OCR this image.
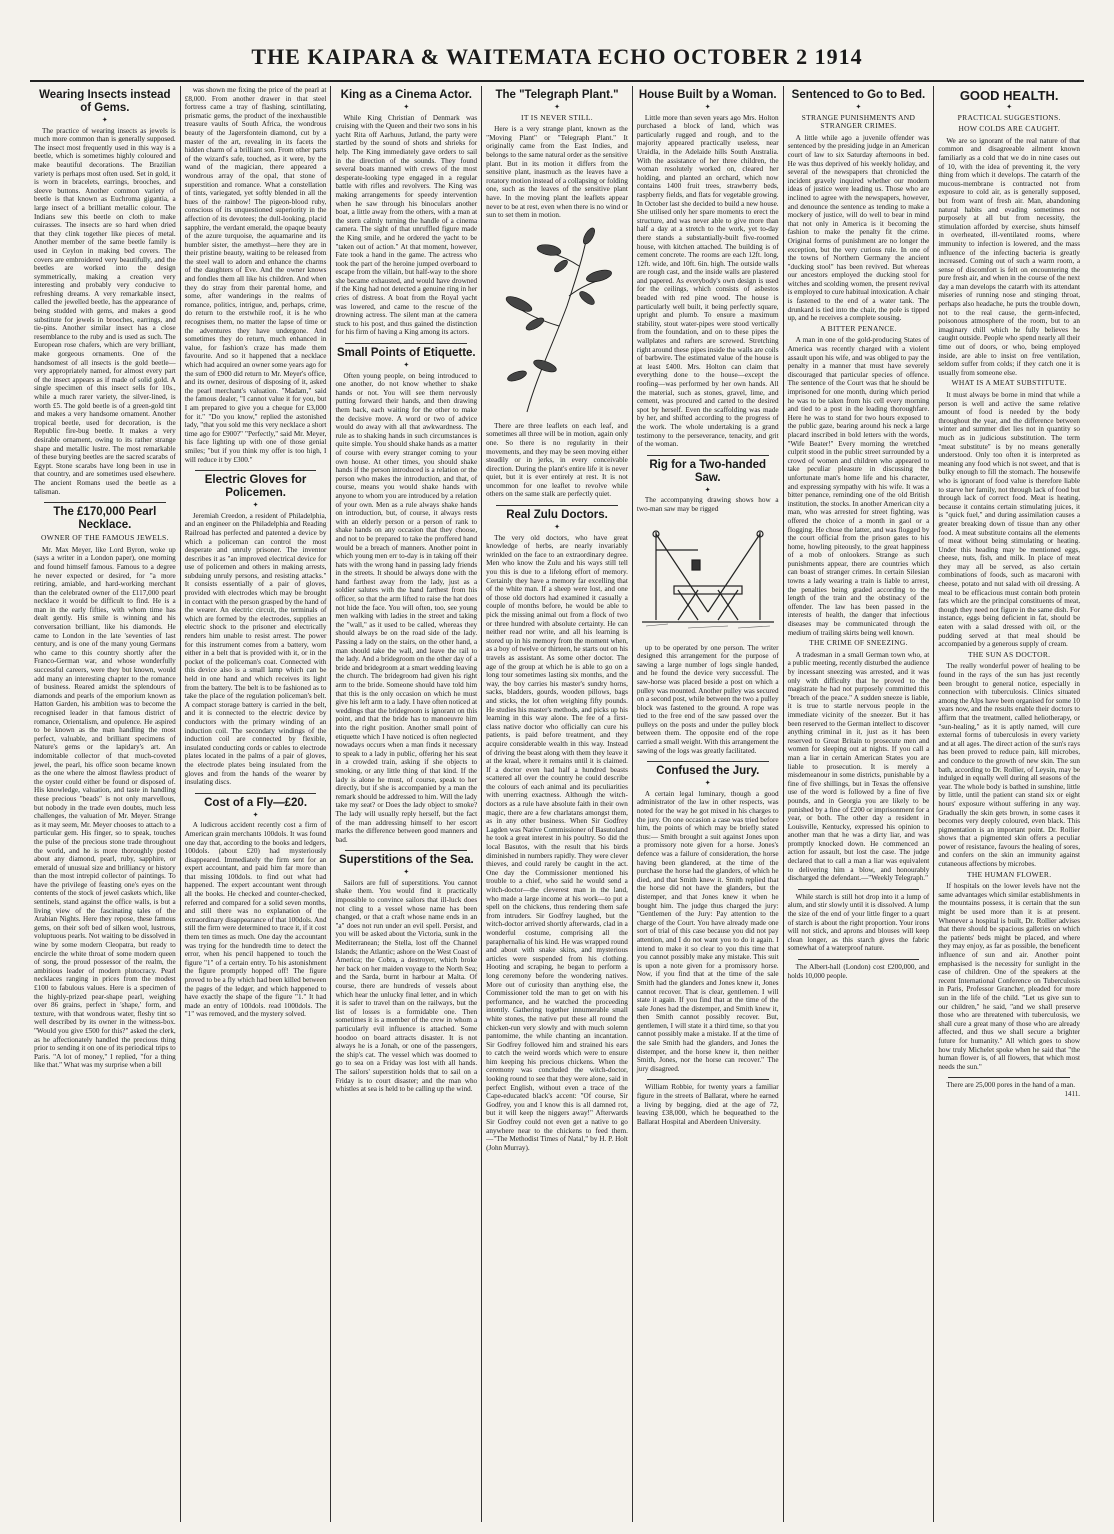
THE KAIPARA & WAITEMATA ECHO OCTOBER 2 1914
Wearing Insects instead of Gems.
✦

The practice of wearing insects as jewels is much more common than is generally supposed. The insect most frequently used in this way is a beetle, which is sometimes highly coloured and make beautiful decorations. The Brazilian variety is perhaps most often used. Set in gold, it is worn in bracelets, earrings, brooches, and sleeve buttons. Another common variety of beetle is that known as Euchroma gigantia, a large insect of a brilliant metallic colour. The Indians sew this beetle on cloth to make cuirasses. The insects are so hard when dried that they clink together like pieces of metal. Another member of the same beetle family is used in Ceylon in making bed covers. The covers are embroidered very beautifully, and the beetles are worked into the design symmetrically, making a creation very interesting and probably very conducive to refreshing dreams. A very remarkable insect, called the jewelled beetle, has the appearance of being studded with gems, and makes a good substitute for jewels in brooches, earrings, and tie-pins. Another similar insect has a close resemblance to the ruby and is used as such. The European rose chafers, which are very brilliant, make gorgeous ornaments. One of the handsomest of all insects is the gold beetle—very appropriately named, for almost every part of the insect appears as if made of solid gold. A single specimen of this insect sells for 10s., while a much rarer variety, the silver-lined, is worth £5. The gold beetle is of a green-gold tint and makes a very handsome ornament. Another tropical beetle, used for decoration, is the Republic fire-bug beetle. It makes a very desirable ornament, owing to its rather strange shape and metallic lustre. The most remarkable of these burying beetles are the sacred scarabs of Egypt. Stone scarabs have long been in use in that country, and are sometimes used elsewhere. The ancient Romans used the beetle as a talisman.

The £170,000 Pearl Necklace.
OWNER OF THE FAMOUS JEWELS.

Mr. Max Meyer, like Lord Byron, woke up (says a writer in a London paper), one morning and found himself famous. Famous to a degree he never expected or desired, for "a more retiring, amiable, and hard-working merchant than the celebrated owner of the £117,000 pearl necklace it would be difficult to find. He is a man in the early fifties, with whom time has dealt gently. His smile is winning and his conversation brilliant, like his diamonds. He came to London in the late 'seventies of last century, and is one of the many young Germans who came to this country shortly after the Franco-German war, and whose wonderfully successful careers, were they but known, would add many an interesting chapter to the romance of business. Reared amidst the splendours of diamonds and pearls of the emporium known as Hatton Garden, his ambition was to become the recognised leader in that famous district of romance, Orientalism, and opulence. He aspired to be known as the man handling the most perfect, valuable, and brilliant specimens of Nature's gems or the lapidary's art. An indomitable collector of that much-coveted jewel, the pearl, his office soon became known as the one where the almost flawless product of the oyster could either be found or disposed of. His knowledge, valuation, and taste in handling these precious "beads" is not only marvellous, but nobody in the trade even doubts, much less challenges, the valuation of Mr. Meyer. Strange as it may seem, Mr. Meyer chooses to attach to a particular gem. His finger, so to speak, touches the pulse of the precious stone trade throughout the world, and he is more thoroughly posted about any diamond, pearl, ruby, sapphire, or emerald of unusual size and brilliancy or history than the most intrepid collector of paintings. To have the privilege of feasting one's eyes on the contents of the stock of jewel caskets which, like sentinels, stand against the office walls, is but a living view of the fascinating tales of the Arabian Nights. Here they repose, these famous gems, on their soft bed of silken wool, lustrous, voluptuous pearls. Not waiting to be dissolved in wine by some modern Cleopatra, but ready to encircle the white throat of some modern queen of song, the proud possessor of the realm, the ambitious leader of modern plutocracy. Pearl necklaces ranging in prices from the modest £100 to fabulous values. Here is a specimen of the highly-prized pear-shape pearl, weighing over 86 grains, perfect in 'shape,' form, and texture, with that wondrous water, fleshy tint so well described by its owner in the witness-box. "Would you give £500 for this?" asked the clerk, as he affectionately handled the precious thing prior to sending it on one of its periodical trips to Paris. "A lot of money," I replied, "for a thing like that." What was my surprise when a bill

was shown me fixing the price of the pearl at £8,000. From another drawer in that steel fortress came a tray of flashing, scintillating, prismatic gems, the product of the inexhaustible treasure vaults of South Africa, the wondrous beauty of the Jagersfontein diamond, cut by a master of the art, revealing in its facets the hidden charm of a brilliant son. From other parts of the wizard's safe, touched, as it were, by the wand of the magician, there appeared a wondrous array of the opal, that stone of superstition and romance. What a constellation of tints, variegated, yet softly blended in all the hues of the rainbow! The pigeon-blood ruby, conscious of its unquestioned superiority in the affection of its devotees; the dull-looking, placid sapphire, the verdant emerald, the opaque beauty of the azure turquoise, the aquamarine and its humbler sister, the amethyst—here they are in their pristine beauty, waiting to be released from the steel wall to adorn and enhance the charms of the daughters of Eve. And the owner knows and fondles them all like his children. And when they do stray from their parental home, and some, after wanderings in the realms of romance, politics, intrigue, and, perhaps, crime, do return to the erstwhile roof, it is he who recognises them, no matter the lapse of time or the adventures they have undergone. And sometimes they do return, much enhanced in value, for fashion's craze has made them favourite. And so it happened that a necklace which had acquired an owner some years ago for the sum of £900 did return to Mr. Meyer's office, and its owner, desirous of disposing of it, asked the pearl merchant's valuation. "Madam," said the famous dealer, "I cannot value it for you, but I am prepared to give you a cheque for £3,000 for it." "Do you know," replied the astonished lady, "that you sold me this very necklace a short time ago for £900?" "Perfectly," said Mr. Meyer, his face lighting up with one of those genial smiles; "but if you think my offer is too high, I will reduce it by £300."

Electric Gloves for Policemen.
✦

Jeremiah Creedon, a resident of Philadelphia, and an engineer on the Philadelphia and Reading Railroad has perfected and patented a device by which a policeman can control the most desperate and unruly prisoner. The inventor describes it as "an improved electrical device for use of policemen and others in making arrests, subduing unruly persons, and resisting attacks." It consists essentially of a pair of gloves, provided with electrodes which may be brought in contact with the person grasped by the hand of the wearer. An electric circuit, the terminals of which are formed by the electrodes, supplies an electric shock to the prisoner and electrically renders him unable to resist arrest. The power for this instrument comes from a battery, worn either in a belt that is provided with it, or in the pocket of the policeman's coat. Connected with this device also is a small lamp which can be held in one hand and which receives its light from the battery. The belt is to be fashioned as to take the place of the regulation policeman's belt. A compact storage battery is carried in the belt, and it is connected to the electric device by conductors with the primary winding of an induction coil. The secondary windings of the induction coil are connected by flexible, insulated conducting cords or cables to electrode plates located in the palms of a pair of gloves, the electrode plates being insulated from the gloves and from the hands of the wearer by insulating discs.

Cost of a Fly—£20.
✦

A ludicrous accident recently cost a firm of American grain merchants 100dols. It was found one day that, according to the books and ledgers, 100dols. (about £20) had mysteriously disappeared. Immediately the firm sent for an expert accountant, and paid him far more than that missing 100dols. to find out what had happened. The expert accountant went through all the books. He checked and counter-checked, referred and compared for a solid seven months, and still there was no explanation of the extraordinary disappearance of that 100dols. And still the firm were determined to trace it, if it cost them ten times as much. One day the accountant was trying for the hundredth time to detect the error, when his pencil happened to touch the figure "1" of a certain entry. To his astonishment the figure promptly hopped off! The figure proved to be a fly which had been killed between the pages of the ledger, and which happened to have exactly the shape of the figure "1." It had made an entry of 100dols. read 1000dols. The "1" was removed, and the mystery solved.

King as a Cinema Actor.
✦

While King Christian of Denmark was cruising with the Queen and their two sons in his yacht Rita off Aarhuus, Jutland, the party were startled by the sound of shots and shrieks for help. The King immediately gave orders to sail in the direction of the sounds. They found several boats manned with crews of the most desperate-looking type engaged in a regular battle with rifles and revolvers. The King was making arrangements for speedy intervention when he saw through his binoculars another boat, a little away from the others, with a man at the stern calmly turning the handle of a cinema camera. The sight of that unruffled figure made the King smile, and he ordered the yacht to be "taken out of action." At that moment, however, Fate took a hand in the game. The actress who took the part of the heroine jumped overboard to escape from the villain, but half-way to the shore she became exhausted, and would have drowned if the King had not detected a genuine ring in her cries of distress. A boat from the Royal yacht was lowered, and came to the rescue of the drowning actress. The silent man at the camera stuck to his post, and thus gained the distinction for his firm of having a King among its actors.

Small Points of Etiquette.
✦

Often young people, on being introduced to one another, do not know whether to shake hands or not. You will see them nervously putting forward their hands, and then drawing them back, each waiting for the other to make the decisive move. A word or two of advice would do away with all that awkwardness. The rule as to shaking hands in such circumstances is quite simple. You should shake hands as a matter of course with every stranger coming to your own house. At other times, you should shake hands if the person introduced is a relation or the person who makes the introduction, and that, of course, means you would shake hands with anyone to whom you are introduced by a relation of your own. Men as a rule always shake hands on introduction, but, of course, it always rests with an elderly person or a person of rank to shake hands on any occasion that they choose, and not to be prepared to take the proffered hand would be a breach of manners. Another point in which young men err to-day is in taking off their hats with the wrong hand in passing lady friends in the streets. It should be always done with the hand farthest away from the lady, just as a soldier salutes with the hand farthest from his officer, so that the arm lifted to raise the hat does not hide the face. You will often, too, see young men walking with ladies in the street and taking the "wall," as it used to be called, whereas they should always be on the road side of the lady. Passing a lady on the stairs, on the other hand, a man should take the wall, and leave the rail to the lady. And a bridegroom on the other day of a bride and bridegroom at a smart wedding leaving the church. The bridegroom had given his right arm to the bride. Someone should have told him that this is the only occasion on which he must give his left arm to a lady. I have often noticed at weddings that the bridegroom is ignorant on this point, and that the bride has to manoeuvre him into the right position. Another small point of etiquette which I have noticed is often neglected nowadays occurs when a man finds it necessary to speak to a lady in public, offering her his seat in a crowded train, asking if she objects to smoking, or any little thing of that kind. If the lady is alone he must, of course, speak to her directly, but if she is accompanied by a man the remark should be addressed to him. Will the lady take my seat? or Does the lady object to smoke? The lady will usually reply herself, but the fact of the man addressing himself to her escort marks the difference between good manners and bad.

Superstitions of the Sea.
✦

Sailors are full of superstitions. You cannot shake them. You would find it practically impossible to convince sailors that ill-luck does not cling to a vessel whose name has been changed, or that a craft whose name ends in an "a" does not run under an evil spell. Persist, and you will be asked about the Victoria, sunk in the Mediterranean; the Stella, lost off the Channel Islands; the Atlantic; ashore on the West Coast of America; the Cobra, a destroyer, which broke her back on her maiden voyage to the North Sea; and the Sarda, burnt in harbour at Malta. Of course, there are hundreds of vessels about which hear the unlucky final letter, and in which it is safer to travel than on the railways, but the list of losses is a formidable one. Then sometimes it is a member of the crew in whom a particularly evil influence is attached. Some hoodoo on board attracts disaster. It is not always he is a Jonah, or one of the passengers, the ship's cat. The vessel which was doomed to go to sea on a Friday was lost with all hands. The sailors' superstition holds that to sail on a Friday is to court disaster; and the man who whistles at sea is held to be calling up the wind.

The "Telegraph Plant."
✦
IT IS NEVER STILL.

Here is a very strange plant, known as the "Moving Plant" or "Telegraph Plant." It originally came from the East Indies, and belongs to the same natural order as the sensitive plant. But in its motion it differs from the sensitive plant, inasmuch as the leaves have a rotatory motion instead of a collapsing or folding one, such as the leaves of the sensitive plant have. In the moving plant the leaflets appear never to be at rest, even when there is no wind or sun to set them in motion.

There are three leaflets on each leaf, and sometimes all three will be in motion, again only one. So there is no regularity in their movements, and they may be seen moving either steadily or in jerks, in every conceivable direction. During the plant's entire life it is never quiet, but it is ever entirely at rest. It is not uncommon for one leaflet to revolve while others on the same stalk are perfectly quiet.

Real Zulu Doctors.
✦

The very old doctors, who have great knowledge of herbs, are nearly invariably wrinkled on the face to an extraordinary degree. Men who know the Zulu and his ways still tell you this is due to a lifelong effort of memory. Certainly they have a memory far excelling that of the white man. If a sheep were lost, and one of those old doctors had examined it casually a couple of months before, he would be able to pick the missing animal out from a flock of two or three hundred with absolute certainty. He can neither read nor write, and all his learning is stored up in his memory from the moment when, as a boy of twelve or thirteen, he starts out on his travels as assistant. As some other doctor. The age of the group at which he is able to go on a long tour sometimes lasting six months, and the way, the boy carries his master's sundry horns, sacks, bladders, gourds, wooden pillows, bags and sticks, the lot often weighing fifty pounds. He studies his master's methods, and picks up his learning in this way alone. The fee of a first-class native doctor who officially can cure his patients, is paid before treatment, and they acquire considerable wealth in this way. Instead of driving the beast along with them they leave it at the kraal, where it remains until it is claimed. If a doctor even had half a hundred beasts scattered all over the country he could describe the colours of each animal and its peculiarities with unerring exactness. Although the witch-doctors as a rule have absolute faith in their own magic, there are a few charlatans amongst them, as in any other business. When Sir Godfrey Lagden was Native Commissioner of Basutoland he took a great interest in his poultry. So did the local Basutos, with the result that his birds diminished in numbers rapidly. They were clever thieves, and could rarely be caught in the act. One day the Commissioner mentioned his trouble to a chief, who said he would send a witch-doctor—the cleverest man in the land, who made a large income at his work—to put a spell on the chickens, thus rendering them safe from intruders. Sir Godfrey laughed, but the witch-doctor arrived shortly afterwards, clad in a wonderful costume, comprising all the paraphernalia of his kind. He was wrapped round and about with snake skins, and mysterious articles were suspended from his clothing. Hooting and scraping, he began to perform a long ceremony before the wondering natives. More out of curiosity than anything else, the Commissioner told the man to get on with his performance, and he watched the proceeding intently. Gathering together innumerable small white stones, the native put these all round the chicken-run very slowly and with much solemn pantomime, the while chanting an incantation. Sir Godfrey followed him and strained his ears to catch the weird words which were to ensure him keeping his precious chickens. When the ceremony was concluded the witch-doctor, looking round to see that they were alone, said in perfect English, without even a trace of the Cape-educated black's accent: "Of course, Sir Godfrey, you and I know this is all damned rot, but it will keep the niggers away!" Afterwards Sir Godfrey could not even get a native to go anywhere near to the chickens to feed them.—"The Methodist Times of Natal," by H. P. Holt (John Murray).

House Built by a Woman.
✦

Little more than seven years ago Mrs. Holton purchased a block of land, which was particularly rugged and rough, and to the majority appeared practically useless, near Uraidla, in the Adelaide hills South Australia. With the assistance of her three children, the woman resolutely worked on, cleared her holding, and planted an orchard, which now contains 1400 fruit trees, strawberry beds, raspberry fields, and flats for vegetable growing. In October last she decided to build a new house. She utilised only her spare moments to erect the structure, and was never able to give more than half a day at a stretch to the work, yet to-day there stands a substantially-built five-roomed house, with kitchen attached. The building is of cement concrete. The rooms are each 12ft. long, 12ft. wide, and 10ft. 6in. high. The outside walls are rough cast, and the inside walls are plastered and papered. As everybody's own design is used for the ceilings, which consists of asbestos beaded with red pine wood. The house is particularly well built, it being perfectly square, upright and plumb. To ensure a maximum stability, stout water-pipes were stood vertically from the foundation, and on to these pipes the wallplates and rafters are screwed. Stretching right around these pipes inside the walls are coils of barbwire. The estimated value of the house is at least £400. Mrs. Holton can claim that everything done to the house—except the roofing—was performed by her own hands. All the material, such as stones, gravel, lime, and cement, was procured and carted to the desired spot by herself. Even the scaffolding was made by her, and shifted according to the progress of the work. The whole undertaking is a grand testimony to the perseverance, tenacity, and grit of the woman.

Rig for a Two-handed Saw.
✦

The accompanying drawing shows how a two-man saw may be rigged

up to be operated by one person. The writer designed this arrangement for the purpose of sawing a large number of logs single handed, and he found the device very successful. The saw-horse was placed beside a post on which a pulley was mounted. Another pulley was secured on a second post, while between the two a pulley block was fastened to the ground. A rope was tied to the free end of the saw passed over the pulleys on the posts and under the pulley block between them. The opposite end of the rope carried a small weight. With this arrangement the sawing of the logs was greatly facilitated.

Confused the Jury.
✦

A certain legal luminary, though a good administrator of the law in other respects, was noted for the way he got mixed in his charges to the jury. On one occasion a case was tried before him, the points of which may be briefly stated thus:— Smith brought a suit against Jones upon a promissory note given for a horse. Jones's defence was a failure of consideration, the horse having been glandered, at the time of the purchase the horse had the glanders, of which he died, and that Smith knew it. Smith replied that the horse did not have the glanders, but the distemper, and that Jones knew it when he bought him. The judge thus charged the jury: "Gentlemen of the Jury: Pay attention to the charge of the Court. You have already made one sort of trial of this case because you did not pay attention, and I do not want you to do it again. I intend to make it so clear to you this time that you cannot possibly make any mistake. This suit is upon a note given for a promissory horse. Now, if you find that at the time of the sale Smith had the glanders and Jones knew it, Jones cannot recover. That is clear, gentlemen. I will state it again. If you find that at the time of the sale Jones had the distemper, and Smith knew it, then Smith cannot possibly recover. But, gentlemen, I will state it a third time, so that you cannot possibly make a mistake. If at the time of the sale Smith had the glanders, and Jones the distemper, and the horse knew it, then neither Smith, Jones, nor the horse can recover." The jury disagreed.

William Robbie, for twenty years a familiar figure in the streets of Ballarat, where he earned a living by begging, died at the age of 72, leaving £38,000, which he bequeathed to the Ballarat Hospital and Aberdeen University.

Sentenced to Go to Bed.
✦
STRANGE PUNISHMENTS AND STRANGER CRIMES.

A little while ago a juvenile offender was sentenced by the presiding judge in an American court of law to six Saturday afternoons in bed. He was thus deprived of his weekly holiday, and several of the newspapers that chronicled the incident gravely inquired whether our modern ideas of justice were leading us. Those who are inclined to agree with the newspapers, however, and denounce the sentence as tending to make a mockery of justice, will do well to bear in mind that not only in America is it becoming the fashion to make the penalty fit the crime. Original forms of punishment are no longer the exception, but the very curious rule. In one of the towns of Northern Germany the ancient "ducking stool" has been revived. But whereas our ancestors employed the ducking stool for witches and scolding women, the present revival is employed to cure habitual intoxication. A chair is fastened to the end of a water tank. The drunkard is tied into the chair, the pole is tipped up, and he receives a complete sousing.

A BITTER PENANCE.

A man in one of the gold-producing States of America was recently charged with a violent assault upon his wife, and was obliged to pay the penalty in a manner that must have severely discouraged that particular species of offence. The sentence of the Court was that he should be imprisoned for one month, during which period he was to be taken from his cell every morning and tied to a post in the leading thoroughfare. Here he was to stand for two hours exposed to the public gaze, bearing around his neck a large placard inscribed in bold letters with the words, "Wife Beater!" Every morning the wretched culprit stood in the public street surrounded by a crowd of women and children who appeared to take peculiar pleasure in discussing the unfortunate man's home life and his character, and expressing sympathy with his wife. It was a bitter penance, reminding one of the old British institution, the stocks. In another American city a man, who was arrested for street fighting, was offered the choice of a month in gaol or a flogging. He chose the latter, and was flogged by the court official from the prison gates to his home, howling piteously, to the great happiness of a mob of onlookers. Strange as such punishments appear, there are countries which can boast of stranger crimes. In certain Silesian towns a lady wearing a train is liable to arrest, the penalties being graded according to the length of the train and the obstinacy of the offender. The law has been passed in the interests of health, the danger that infectious diseases may be communicated through the medium of trailing skirts being well known.

THE CRIME OF SNEEZING.

A tradesman in a small German town who, at a public meeting, recently disturbed the audience by incessant sneezing was arrested, and it was only with difficulty that he proved to the magistrate he had not purposely committed this "breach of the peace." A sudden sneeze is liable, it is true to startle nervous people in the immediate vicinity of the sneezer. But it has been reserved to the German intellect to discover anything criminal in it, just as it has been reserved to Great Britain to prosecute men and women for sleeping out at nights. If you call a man a liar in certain American States you are liable to prosecution. It is merely a misdemeanour in some districts, punishable by a fine of five shillings, but in Texas the offensive use of the word is followed by a fine of five pounds, and in Georgia you are likely to be punished by a fine of £200 or imprisonment for a year, or both. The other day a resident in Louisville, Kentucky, expressed his opinion to another man that he was a dirty liar, and was promptly knocked down. He commenced an action for assault, but lost the case. The judge declared that to call a man a liar was equivalent to delivering him a blow, and honourably discharged the defendant.—"Weekly Telegraph."

While starch is still hot drop into it a lump of alum, and stir slowly until it is dissolved. A lump the size of the end of your little finger to a quart of starch is about the right proportion. Your irons will not stick, and aprons and blouses will keep clean longer, as this starch gives the fabric somewhat of a waterproof nature.

The Albert-hall (London) cost £200,000, and holds 10,000 people.

GOOD HEALTH.
✦
PRACTICAL SUGGESTIONS.
HOW COLDS ARE CAUGHT.

We are so ignorant of the real nature of that common and disagreeable ailment known familiarly as a cold that we do in nine cases out of 10, with the idea of preventing it, the very thing from which it develops. The catarrh of the mucous-membrane is contracted not from exposure to cold air, as is generally supposed, but from want of fresh air. Man, abandoning natural habits and evading sometimes not purposely at all but from necessity, the stimulation afforded by exercise, shuts himself in overheated, ill-ventilated rooms, where immunity to infection is lowered, and the mass influence of the infecting bacteria is greatly increased. Coming out of such a warm room, a sense of discomfort is felt on encountering the pure fresh air, and when in the course of the next day a man develops the catarrh with its attendant miseries of running nose and stinging throat, perhaps also headache, he puts the trouble down, not to the real cause, the germ-infected, poisonous atmosphere of the room, but to an imaginary chill which he fully believes he caught outside. People who spend nearly all their time out of doors, or who, being employed inside, are able to insist on free ventilation, seldom suffer from colds; if they catch one it is usually from someone else.

WHAT IS A MEAT SUBSTITUTE.

It must always be borne in mind that while a person is well and active the same relative amount of food is needed by the body throughout the year, and the difference between winter and summer diet lies not in quantity so much as in judicious substitution. The term "meat substitute" is by no means generally understood. Only too often it is interpreted as meaning any food which is not sweet, and that is bulky enough to fill the stomach. The housewife who is ignorant of food value is therefore liable to starve her family, not through lack of food but through lack of correct food. Meat is heating, because it contains certain stimulating juices, it is "quick fuel," and during assimilation causes a greater breaking down of tissue than any other food. A meat substitute contains all the elements of meat without being stimulating or heating. Under this heading may be mentioned eggs, cheese, nuts, fish, and milk. In place of meat they may all be served, as also certain combinations of foods, such as macaroni with cheese, potato and nut salad with oil dressing. A meal to be efficacious must contain both protein fats which are the principal constituents of meat, though they need not figure in the same dish. For instance, eggs being deficient in fat, should be eaten with a salad dressed with oil, or the pudding served at that meal should be accompanied by a generous supply of cream.

THE SUN AS DOCTOR.

The really wonderful power of healing to be found in the rays of the sun has just recently been brought to general notice, especially in connection with tuberculosis. Clinics situated among the Alps have been organised for some 10 years now, and the results enable their doctors to affirm that the treatment, called heliotherapy, or "sun-healing," as it is aptly named, will cure external forms of tuberculosis in every variety and at all ages. The direct action of the sun's rays has been proved to reduce pain, kill microbes, and conduce to the growth of new skin. The sun bath, according to Dr. Rollier, of Leysin, may be indulged in equally well during all seasons of the year. The whole body is bathed in sunshine, little by little, until the patient can stand six or eight hours' exposure without suffering in any way. Gradually the skin gets brown, in some cases it becomes very deeply coloured, even black. This pigmentation is an important point. Dr. Rollier shows that a pigmented skin offers a peculiar power of resistance, favours the healing of sores, and confers on the skin an immunity against cutaneous affections by microbes.

THE HUMAN FLOWER.

If hospitals on the lower levels have not the same advantages which similar establishments in the mountains possess, it is certain that the sun might be used more than it is at present. Whenever a hospital is built, Dr. Rollier advises that there should be spacious galleries on which the patients' beds might be placed, and where they may enjoy, as far as possible, the beneficent influence of sun and air. Another point emphasised is the necessity for sunlight in the case of children. One of the speakers at the recent International Conference on Tuberculosis in Paris, Professor Grancher, pleaded for more sun in the life of the child. "Let us give sun to our children," he said, "and we shall preserve those who are threatened with tuberculosis, we shall cure a great many of those who are already affected, and thus we shall secure a brighter future for humanity." All which goes to show how truly Michelet spoke when he said that "the human flower is, of all flowers, that which most needs the sun."

There are 25,000 pores in the hand of a man.

1411.
